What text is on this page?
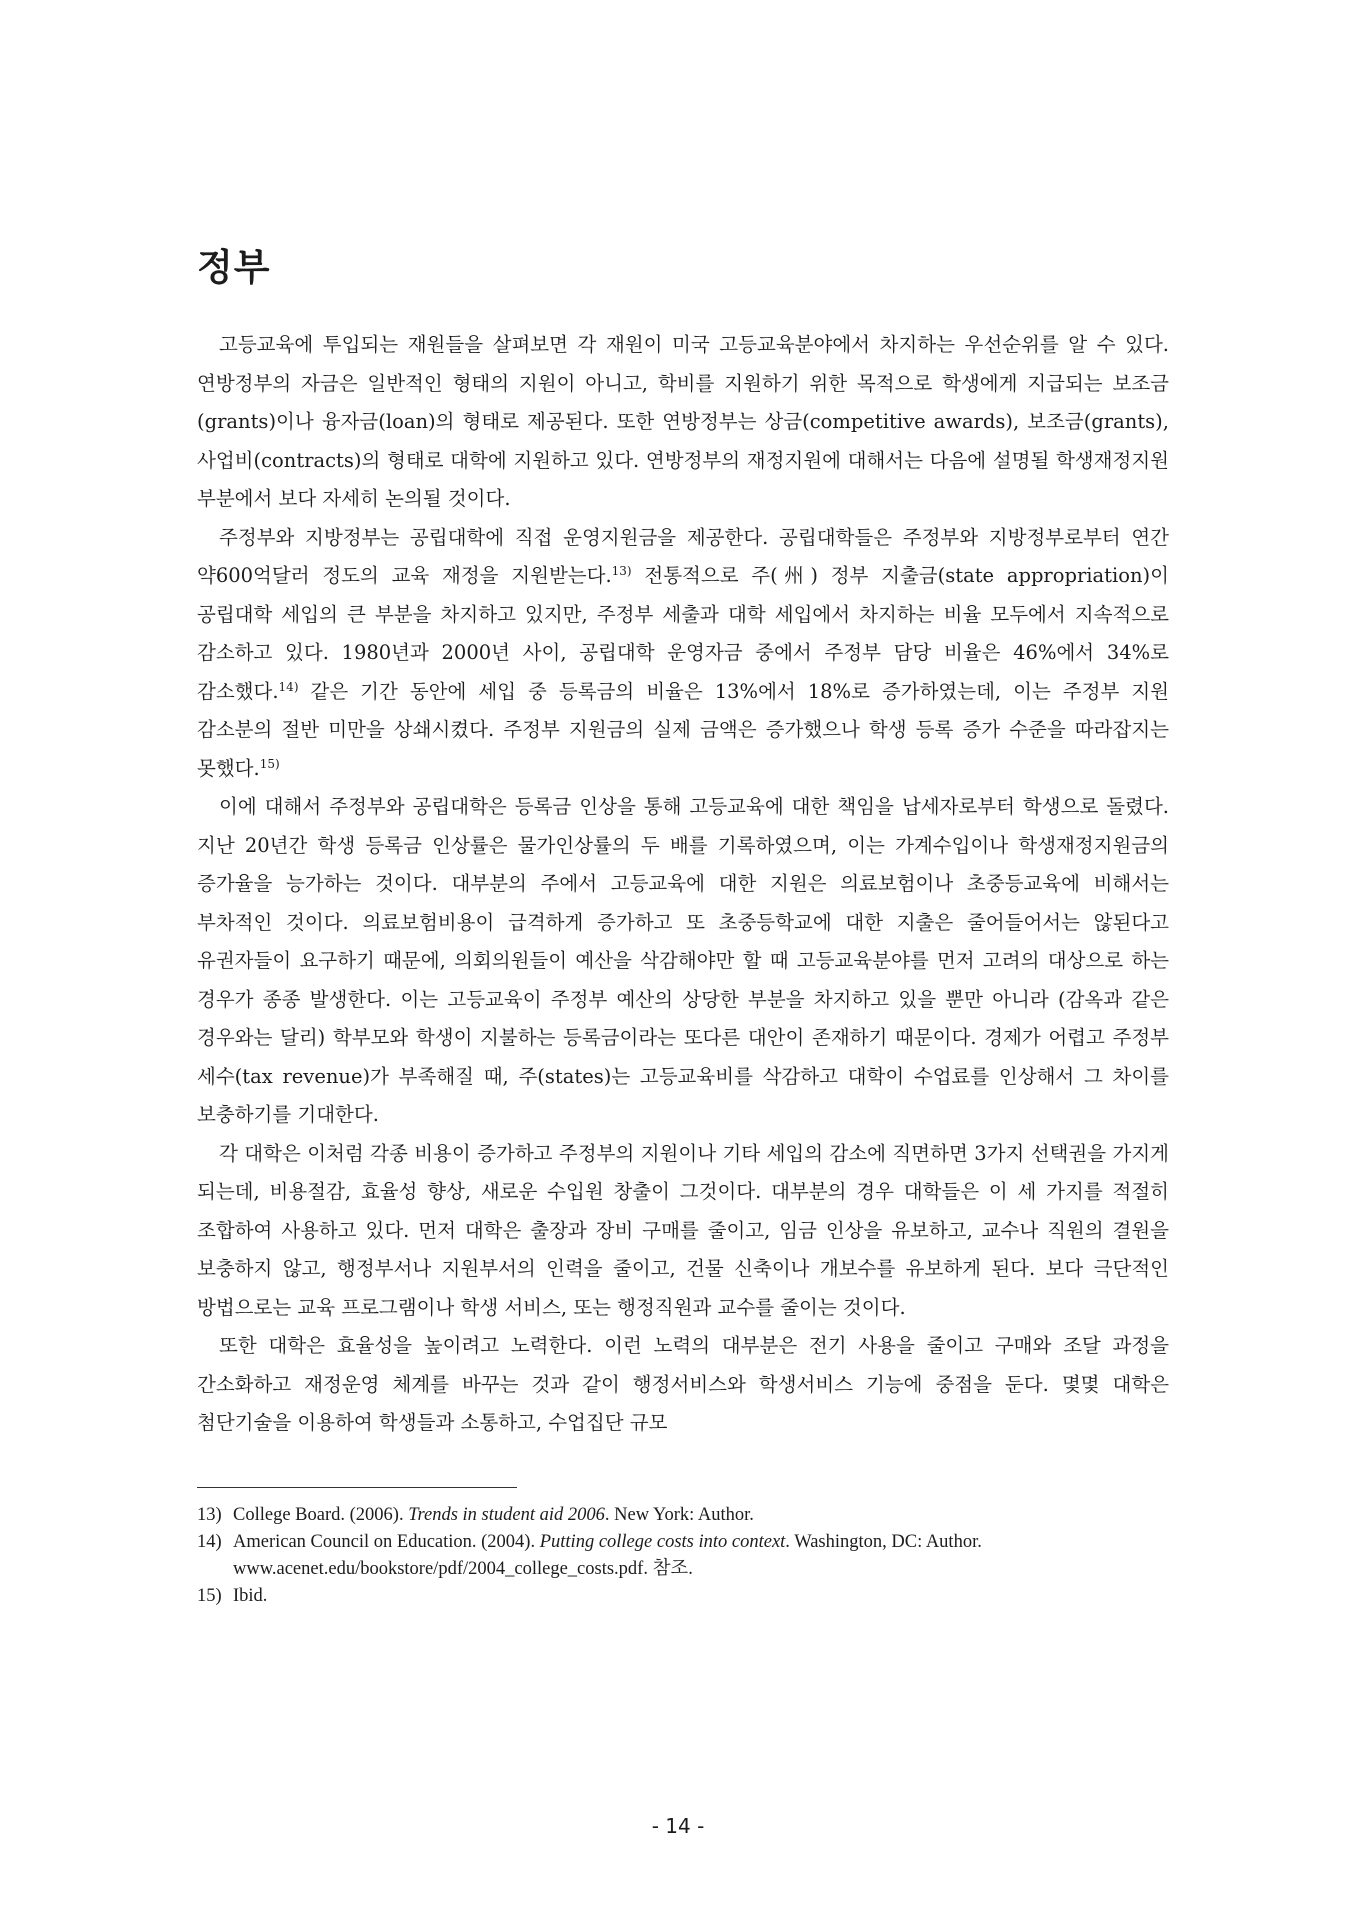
정부

고등교육에 투입되는 재원들을 살펴보면 각 재원이 미국 고등교육분야에서 차지하는 우선순위를 알 수 있다. 연방정부의 자금은 일반적인 형태의 지원이 아니고, 학비를 지원하기 위한 목적으로 학생에게 지급되는 보조금(grants)이나 융자금(loan)의 형태로 제공된다. 또한 연방정부는 상금(competitive awards), 보조금(grants), 사업비(contracts)의 형태로 대학에 지원하고 있다. 연방정부의 재정지원에 대해서는 다음에 설명될 학생재정지원 부분에서 보다 자세히 논의될 것이다.

주정부와 지방정부는 공립대학에 직접 운영지원금을 제공한다. 공립대학들은 주정부와 지방정부로부터 연간 약600억달러 정도의 교육 재정을 지원받는다.$^{13)}$ 전통적으로 주(州) 정부 지출금(state appropriation)이 공립대학 세입의 큰 부분을 차지하고 있지만, 주정부 세출과 대학 세입에서 차지하는 비율 모두에서 지속적으로 감소하고 있다. 1980년과 2000년 사이, 공립대학 운영자금 중에서 주정부 담당 비율은 46%에서 34%로 감소했다.$^{14)}$ 같은 기간 동안에 세입 중 등록금의 비율은 13%에서 18%로 증가하였는데, 이는 주정부 지원 감소분의 절반 미만을 상쇄시켰다. 주정부 지원금의 실제 금액은 증가했으나 학생 등록 증가 수준을 따라잡지는 못했다.$^{15)}$

이에 대해서 주정부와 공립대학은 등록금 인상을 통해 고등교육에 대한 책임을 납세자로부터 학생으로 돌렸다. 지난 20년간 학생 등록금 인상률은 물가인상률의 두 배를 기록하였으며, 이는 가계수입이나 학생재정지원금의 증가율을 능가하는 것이다. 대부분의 주에서 고등교육에 대한 지원은 의료보험이나 초중등교육에 비해서는 부차적인 것이다. 의료보험비용이 급격하게 증가하고 또 초중등학교에 대한 지출은 줄어들어서는 않된다고 유권자들이 요구하기 때문에, 의회의원들이 예산을 삭감해야만 할 때 고등교육분야를 먼저 고려의 대상으로 하는 경우가 종종 발생한다. 이는 고등교육이 주정부 예산의 상당한 부분을 차지하고 있을 뿐만 아니라 (감옥과 같은 경우와는 달리) 학부모와 학생이 지불하는 등록금이라는 또다른 대안이 존재하기 때문이다. 경제가 어렵고 주정부 세수(tax revenue)가 부족해질 때, 주(states)는 고등교육비를 삭감하고 대학이 수업료를 인상해서 그 차이를 보충하기를 기대한다.

각 대학은 이처럼 각종 비용이 증가하고 주정부의 지원이나 기타 세입의 감소에 직면하면 3가지 선택권을 가지게 되는데, 비용절감, 효율성 향상, 새로운 수입원 창출이 그것이다. 대부분의 경우 대학들은 이 세 가지를 적절히 조합하여 사용하고 있다. 먼저 대학은 출장과 장비 구매를 줄이고, 임금 인상을 유보하고, 교수나 직원의 결원을 보충하지 않고, 행정부서나 지원부서의 인력을 줄이고, 건물 신축이나 개보수를 유보하게 된다. 보다 극단적인 방법으로는 교육 프로그램이나 학생 서비스, 또는 행정직원과 교수를 줄이는 것이다.

또한 대학은 효율성을 높이려고 노력한다. 이런 노력의 대부분은 전기 사용을 줄이고 구매와 조달 과정을 간소화하고 재정운영 체계를 바꾸는 것과 같이 행정서비스와 학생서비스 기능에 중점을 둔다. 몇몇 대학은 첨단기술을 이용하여 학생들과 소통하고, 수업집단 규모

13) College Board. (2006). Trends in student aid 2006. New York: Author.
14) American Council on Education. (2004). Putting college costs into context. Washington, DC: Author. www.acenet.edu/bookstore/pdf/2004_college_costs.pdf. 참조.
15) Ibid.
- 14 -
